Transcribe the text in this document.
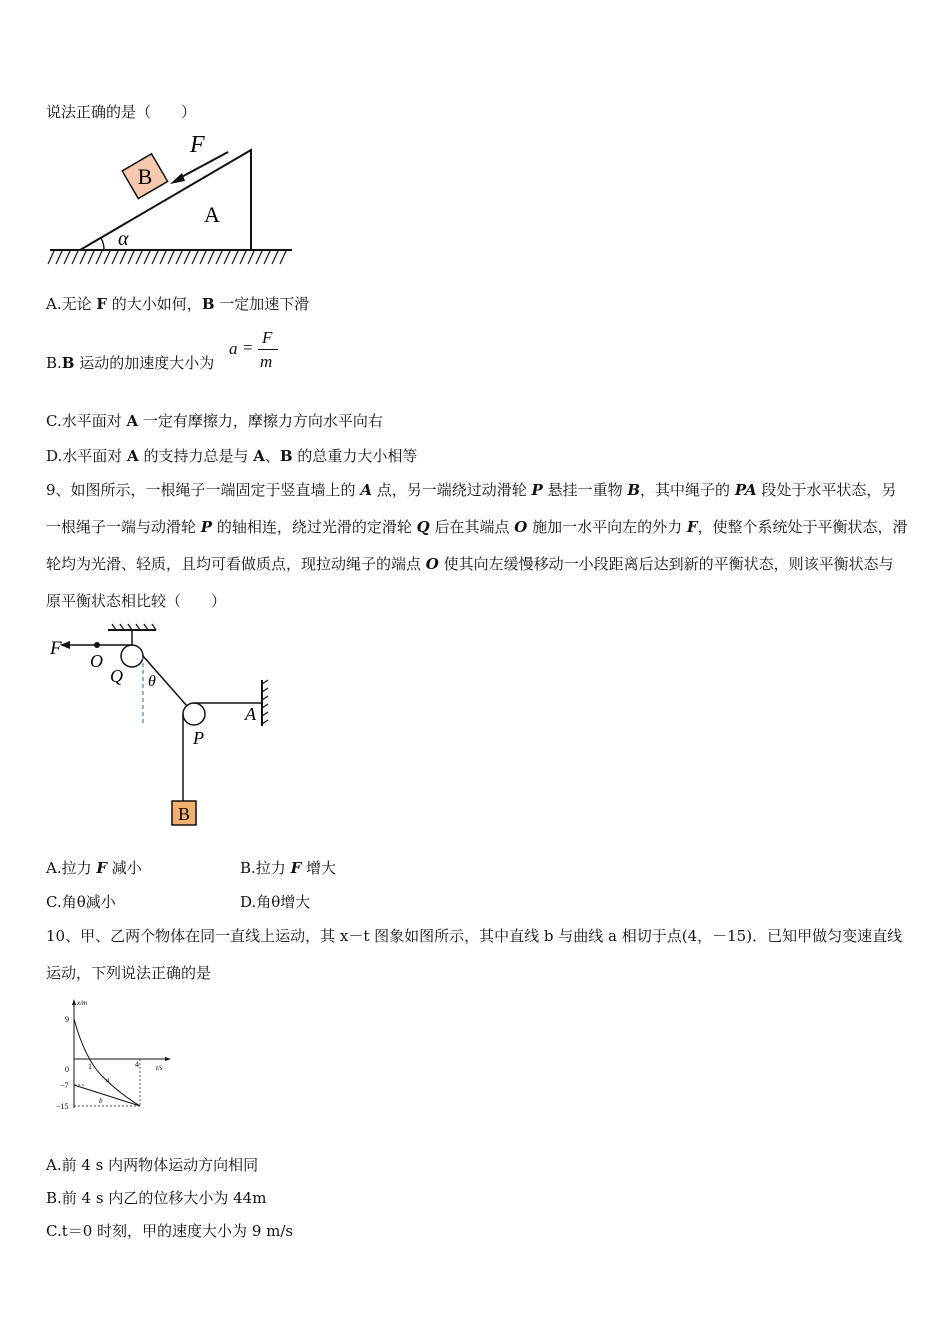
说法正确的是（　　）
B
F
A
α
A.无论 F 的大小如何，B 一定加速下滑
B.B 运动的加速度大小为
a =
F
m
C.水平面对 A 一定有摩擦力，摩擦力方向水平向右
D.水平面对 A 的支持力总是与 A、B 的总重力大小相等
9、如图所示，一根绳子一端固定于竖直墙上的 A 点，另一端绕过动滑轮 P 悬挂一重物 B，其中绳子的 PA 段处于水平状态，另一根绳子一端与动滑轮 P 的轴相连，绕过光滑的定滑轮 Q 后在其端点 O 施加一水平向左的外力 F，使整个系统处于平衡状态，滑轮均为光滑、轻质，且均可看做质点，现拉动绳子的端点 O 使其向左缓慢移动一小段距离后达到新的平衡状态，则该平衡状态与原平衡状态相比较（　　）
B
F
O
Q θ
A
P
A.拉力 F 减小	B.拉力 F 增大
C.角θ减小	D.角θ增大
10、甲、乙两个物体在同一直线上运动，其 x－t 图象如图所示，其中直线 b 与曲线 a 相切于点(4，－15)．已知甲做匀变速直线运动，下列说法正确的是
x/m
t/s
9
0
−7
−15
1	4
a
b
A.前 4 s 内两物体运动方向相同
B.前 4 s 内乙的位移大小为 44m
C.t＝0 时刻，甲的速度大小为 9 m/s
